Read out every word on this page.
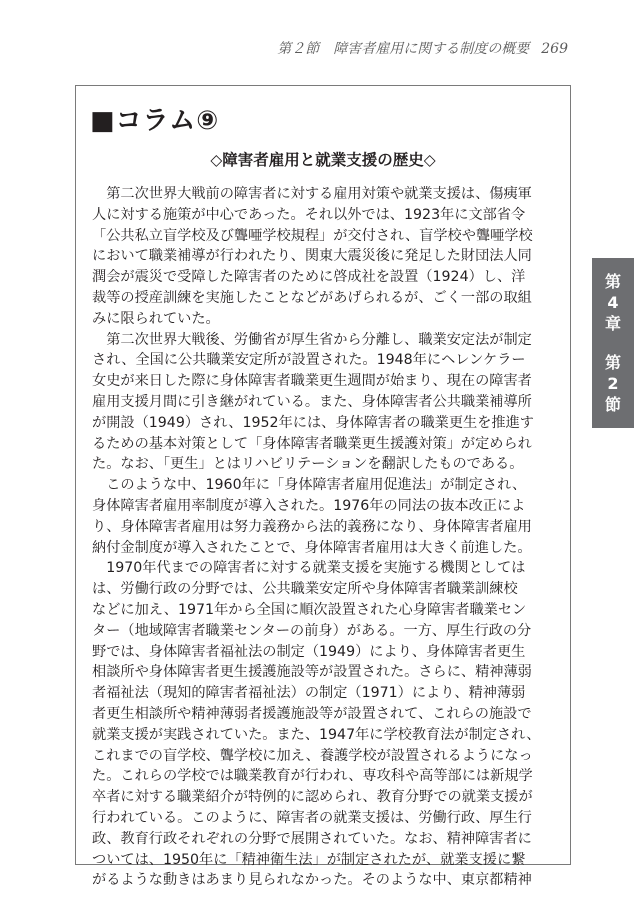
第２節　障害者雇用に関する制度の概要 269
■コラム⑨
◇障害者雇用と就業支援の歴史◇
　第二次世界大戦前の障害者に対する雇用対策や就業支援は、傷痍軍
人に対する施策が中心であった。それ以外では、1923年に文部省令
「公共私立盲学校及び聾唖学校規程」が交付され、盲学校や聾唖学校
において職業補導が行われたり、関東大震災後に発足した財団法人同
潤会が震災で受障した障害者のために啓成社を設置（1924）し、洋
裁等の授産訓練を実施したことなどがあげられるが、ごく一部の取組
みに限られていた。
　第二次世界大戦後、労働省が厚生省から分離し、職業安定法が制定
され、全国に公共職業安定所が設置された。1948年にヘレンケラー
女史が来日した際に身体障害者職業更生週間が始まり、現在の障害者
雇用支援月間に引き継がれている。また、身体障害者公共職業補導所
が開設（1949）され、1952年には、身体障害者の職業更生を推進す
るための基本対策として「身体障害者職業更生援護対策」が定められ
た。なお、「更生」とはリハビリテーションを翻訳したものである。
　このような中、1960年に「身体障害者雇用促進法」が制定され、
身体障害者雇用率制度が導入された。1976年の同法の抜本改正によ
り、身体障害者雇用は努力義務から法的義務になり、身体障害者雇用
納付金制度が導入されたことで、身体障害者雇用は大きく前進した。
　1970年代までの障害者に対する就業支援を実施する機関としては
は、労働行政の分野では、公共職業安定所や身体障害者職業訓練校
などに加え、1971年から全国に順次設置された心身障害者職業セン
ター（地域障害者職業センターの前身）がある。一方、厚生行政の分
野では、身体障害者福祉法の制定（1949）により、身体障害者更生
相談所や身体障害者更生援護施設等が設置された。さらに、精神薄弱
者福祉法（現知的障害者福祉法）の制定（1971）により、精神薄弱
者更生相談所や精神薄弱者援護施設等が設置されて、これらの施設で
就業支援が実践されていた。また、1947年に学校教育法が制定され、
これまでの盲学校、聾学校に加え、養護学校が設置されるようになっ
た。これらの学校では職業教育が行われ、専攻科や高等部には新規学
卒者に対する職業紹介が特例的に認められ、教育分野での就業支援が
行われている。このように、障害者の就業支援は、労働行政、厚生行
政、教育行政それぞれの分野で展開されていた。なお、精神障害者に
ついては、1950年に「精神衛生法」が制定されたが、就業支援に繋
がるような動きはあまり見られなかった。そのような中、東京都精神
第
4
章
第
2
節
